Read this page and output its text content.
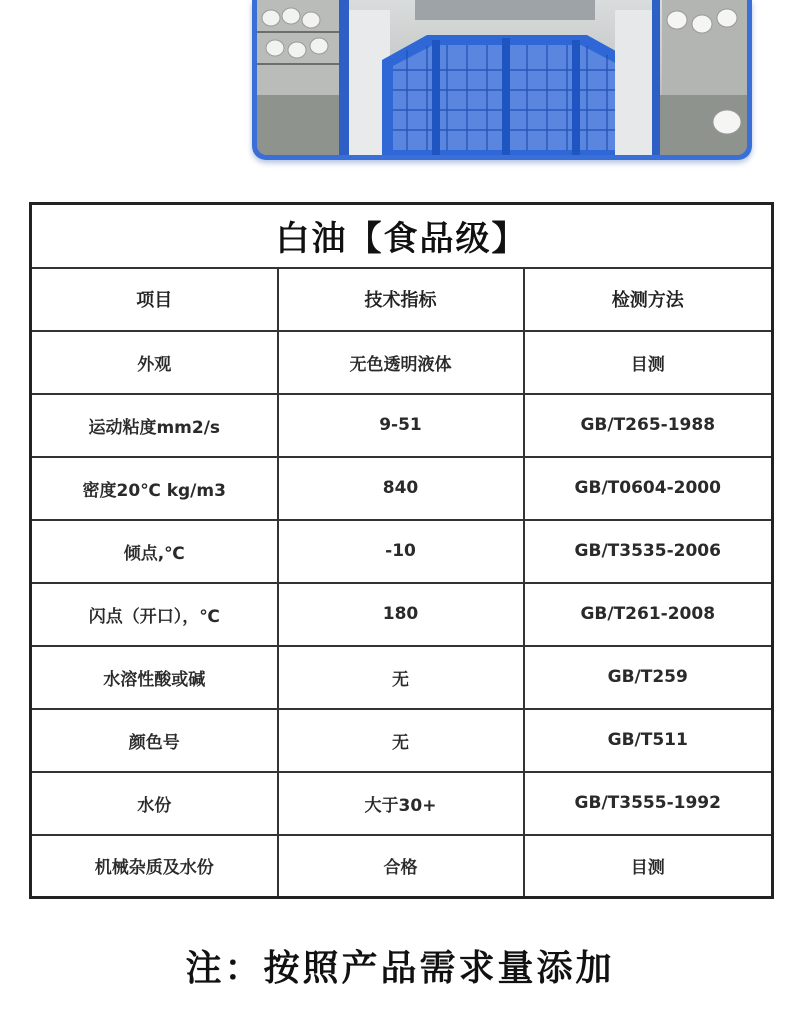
白油【食品级】		
项目	技术指标	检测方法
外观	无色透明液体	目测
运动粘度mm2/s	9-51	GB/T265-1988
密度20℃ kg/m3	840	GB/T0604-2000
倾点,℃	-10	GB/T3535-2006
闪点（开口），℃	180	GB/T261-2008
水溶性酸或碱	无	GB/T259
颜色号	无	GB/T511
水份	大于30+	GB/T3555-1992
机械杂质及水份	合格	目测
注：按照产品需求量添加
